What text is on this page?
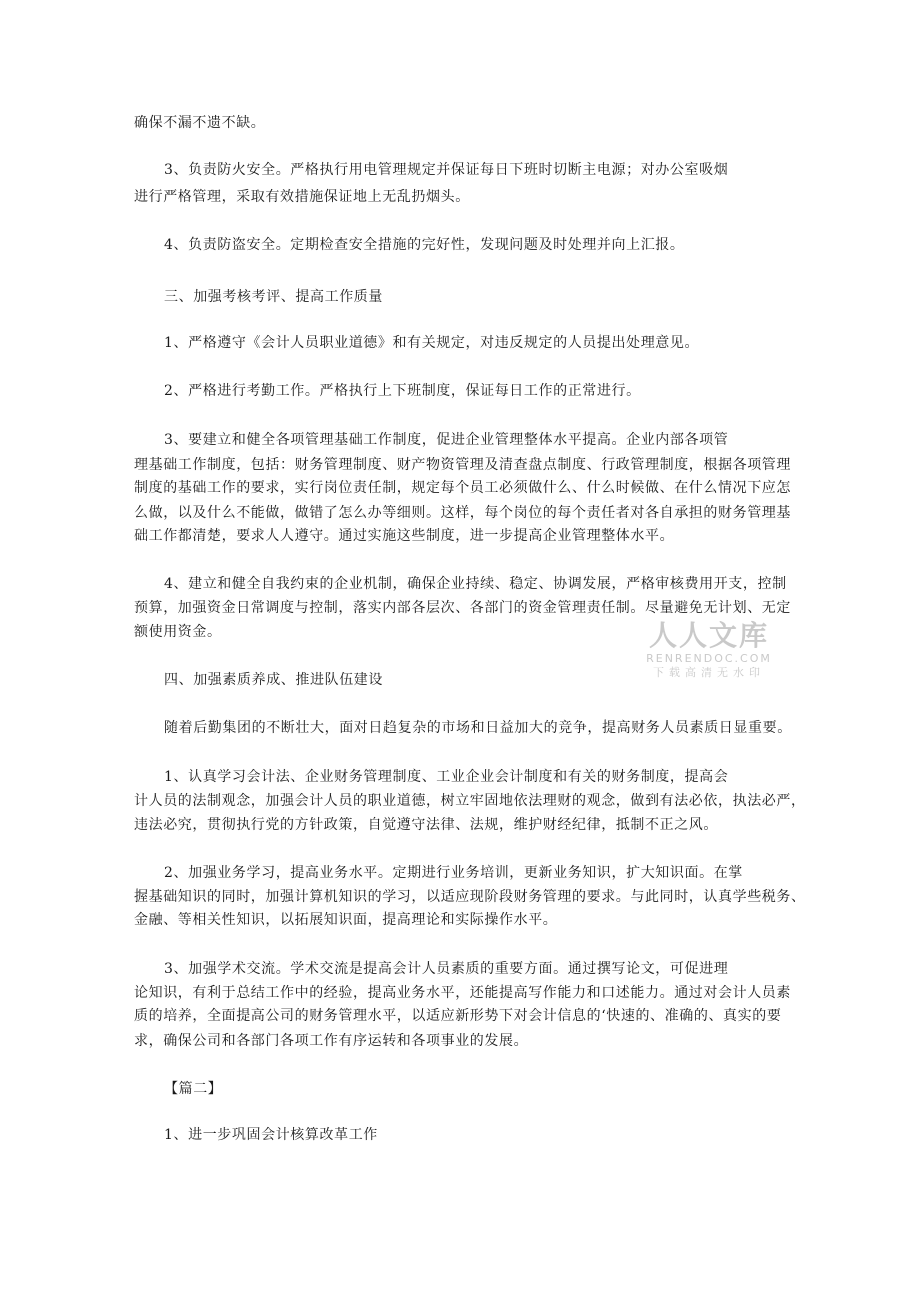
确保不漏不遗不缺。
3、负责防火安全。严格执行用电管理规定并保证每日下班时切断主电源；对办公室吸烟
进行严格管理，采取有效措施保证地上无乱扔烟头。
4、负责防盗安全。定期检查安全措施的完好性，发现问题及时处理并向上汇报。
三、加强考核考评、提高工作质量
1、严格遵守《会计人员职业道德》和有关规定，对违反规定的人员提出处理意见。
2、严格进行考勤工作。严格执行上下班制度，保证每日工作的正常进行。
3、要建立和健全各项管理基础工作制度，促进企业管理整体水平提高。企业内部各项管
理基础工作制度，包括：财务管理制度、财产物资管理及清查盘点制度、行政管理制度，根据各项管理
制度的基础工作的要求，实行岗位责任制，规定每个员工必须做什么、什么时候做、在什么情况下应怎
么做，以及什么不能做，做错了怎么办等细则。这样，每个岗位的每个责任者对各自承担的财务管理基
础工作都清楚，要求人人遵守。通过实施这些制度，进一步提高企业管理整体水平。
4、建立和健全自我约束的企业机制，确保企业持续、稳定、协调发展，严格审核费用开支，控制
预算，加强资金日常调度与控制，落实内部各层次、各部门的资金管理责任制。尽量避免无计划、无定
额使用资金。
四、加强素质养成、推进队伍建设
随着后勤集团的不断壮大，面对日趋复杂的市场和日益加大的竞争，提高财务人员素质日显重要。
1、认真学习会计法、企业财务管理制度、工业企业会计制度和有关的财务制度，提高会
计人员的法制观念，加强会计人员的职业道德，树立牢固地依法理财的观念，做到有法必依，执法必严，
违法必究，贯彻执行党的方针政策，自觉遵守法律、法规，维护财经纪律，抵制不正之风。
2、加强业务学习，提高业务水平。定期进行业务培训，更新业务知识，扩大知识面。在掌
握基础知识的同时，加强计算机知识的学习，以适应现阶段财务管理的要求。与此同时，认真学些税务、
金融、等相关性知识，以拓展知识面，提高理论和实际操作水平。
3、加强学术交流。学术交流是提高会计人员素质的重要方面。通过撰写论文，可促进理
论知识，有利于总结工作中的经验，提高业务水平，还能提高写作能力和口述能力。通过对会计人员素
质的培养，全面提高公司的财务管理水平，以适应新形势下对会计信息的‘快速的、准确的、真实的要
求，确保公司和各部门各项工作有序运转和各项事业的发展。
【篇二】
1、进一步巩固会计核算改革工作
人人文库
RENRENDOC.COM
下载高清无水印
